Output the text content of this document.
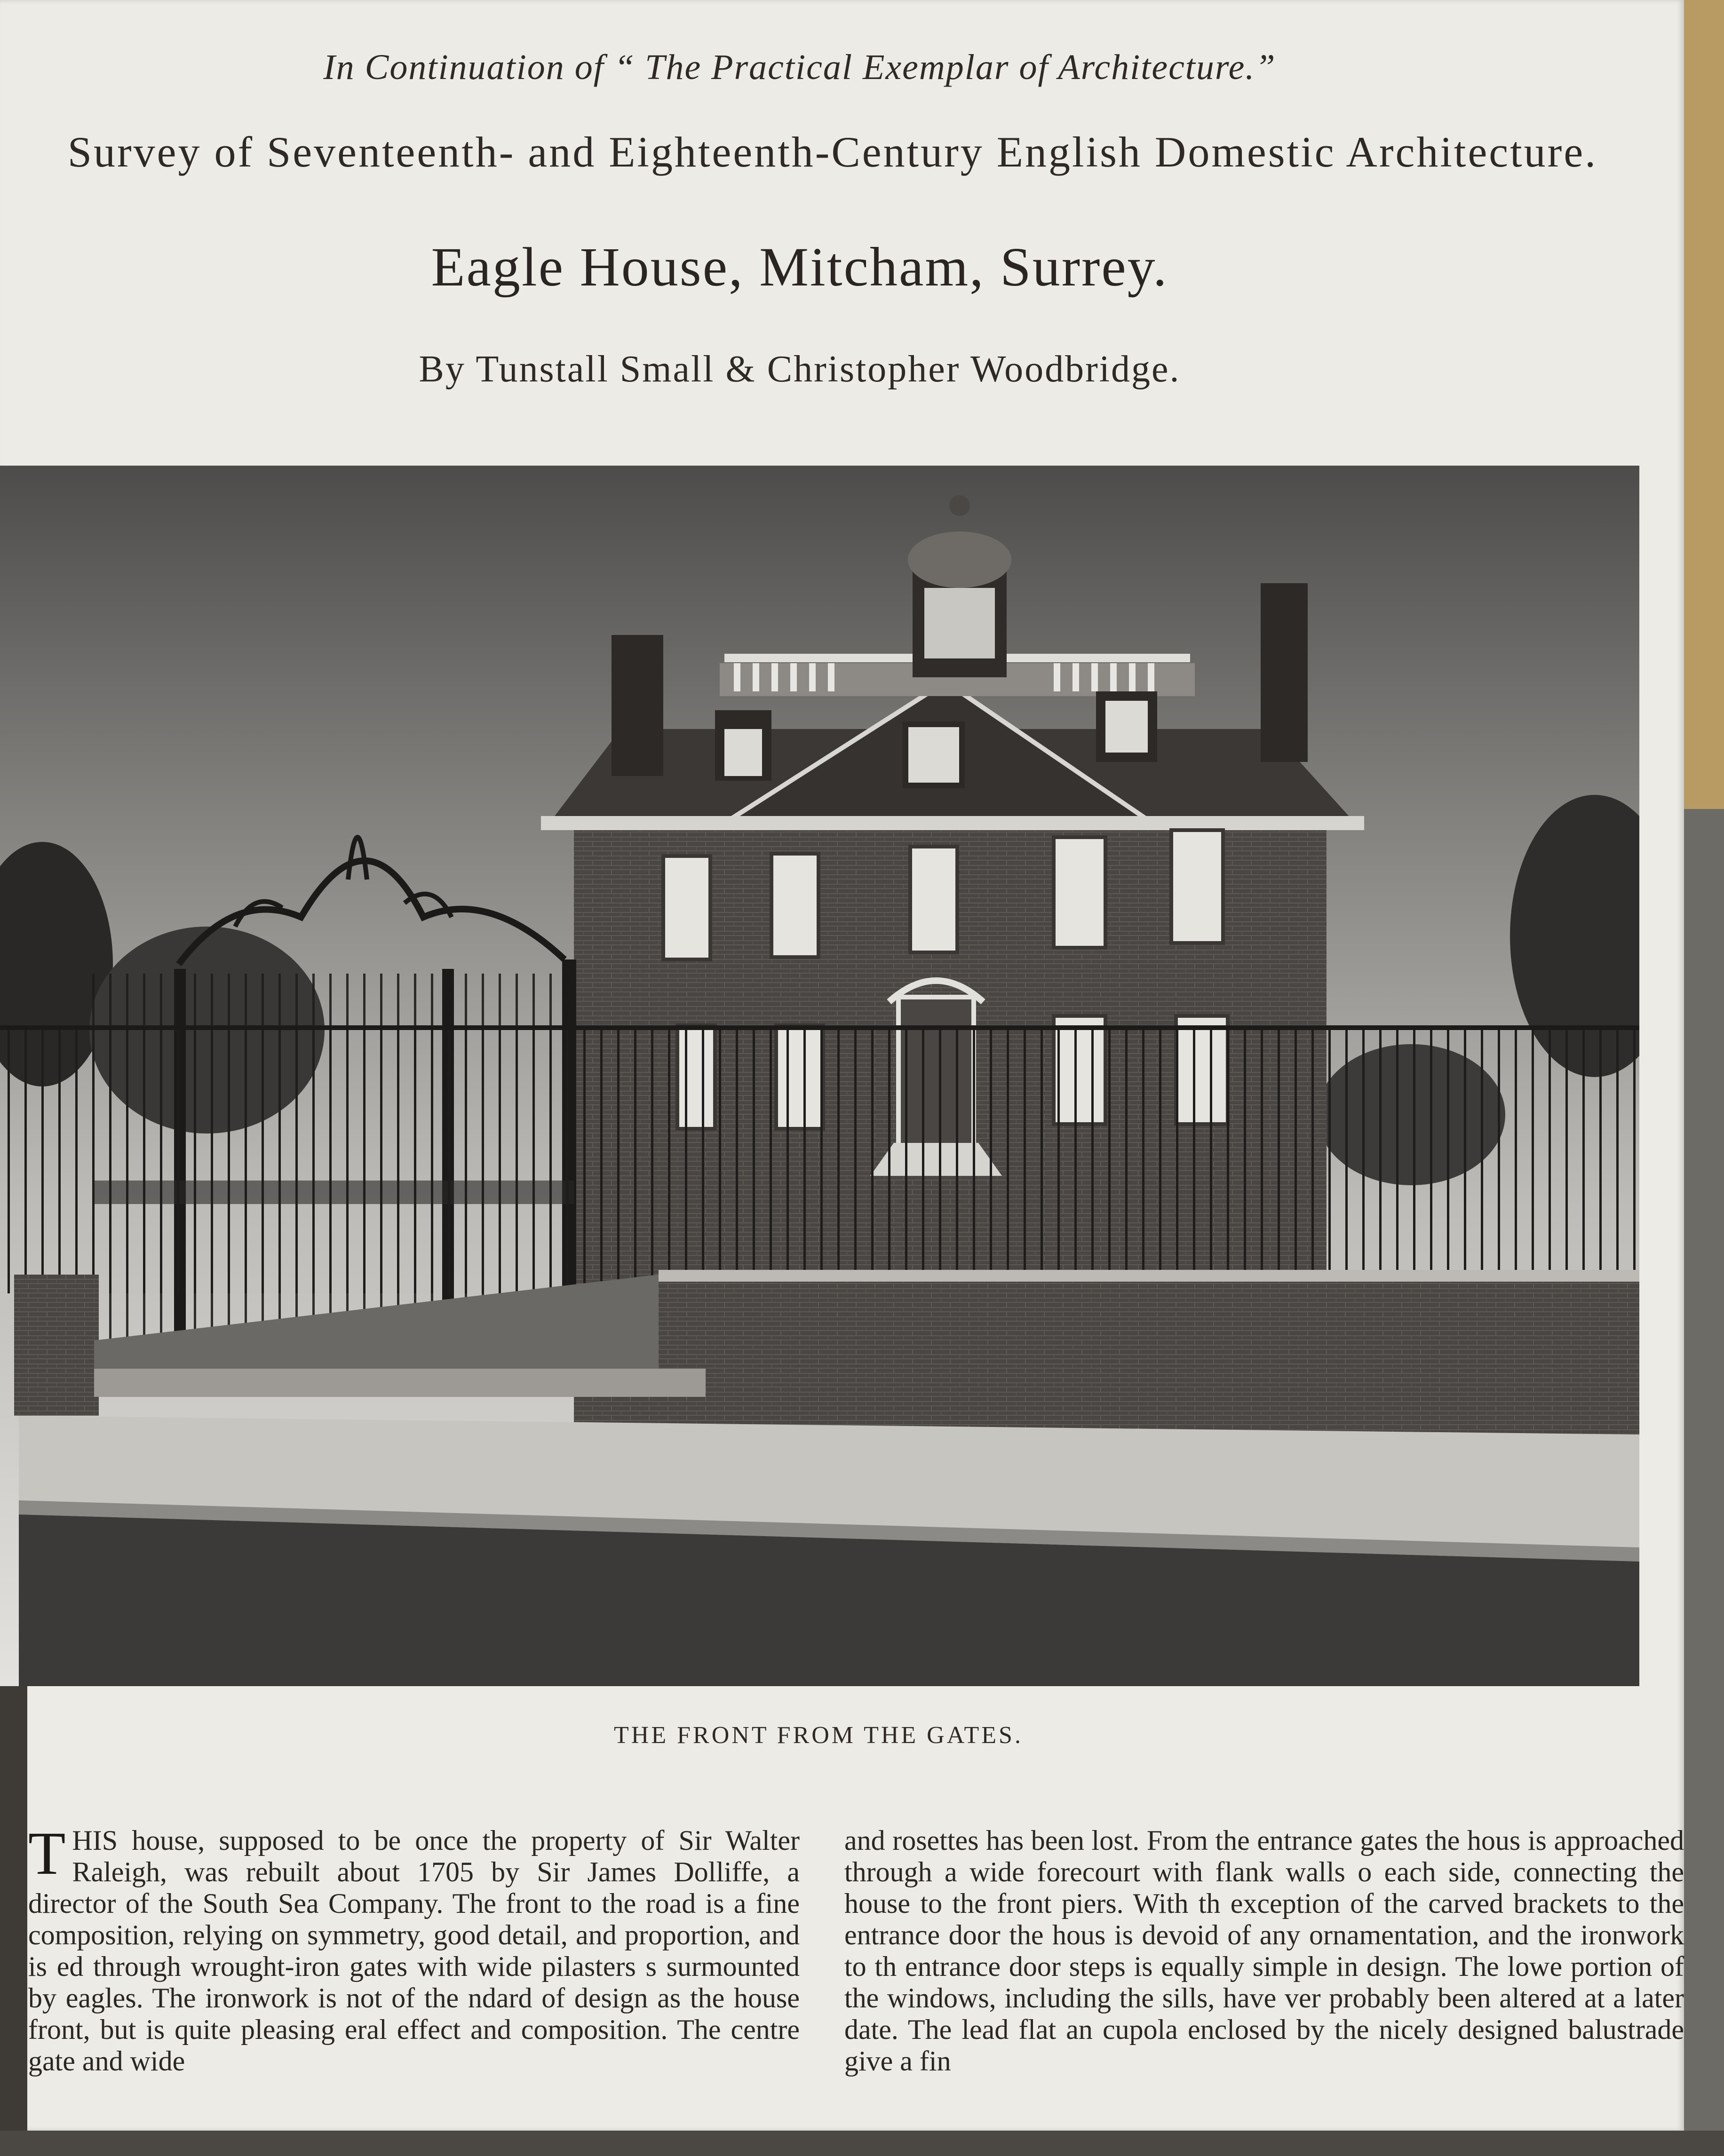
In Continuation of “ The Practical Exemplar of Architecture.”
Survey of Seventeenth- and Eighteenth-Century English Domestic Architecture.
Eagle House, Mitcham, Surrey.
By Tunstall Small & Christopher Woodbridge.
THE FRONT FROM THE GATES.

THIS house, supposed to be once the property of Sir Walter Raleigh, was rebuilt about 1705 by Sir James Dolliffe, a director of the South Sea Company. The front to the road is a fine composition, relying on symmetry, good detail, and proportion, and is ed through wrought-iron gates with wide pilasters s surmounted by eagles. The ironwork is not of the ndard of design as the house front, but is quite pleasing eral effect and composition. The centre gate and wide

and rosettes has been lost. From the entrance gates the hous is approached through a wide forecourt with flank walls o each side, connecting the house to the front piers. With th exception of the carved brackets to the entrance door the hous is devoid of any ornamentation, and the ironwork to th entrance door steps is equally simple in design. The lowe portion of the windows, including the sills, have ver probably been altered at a later date. The lead flat an cupola enclosed by the nicely designed balustrade give a fin
